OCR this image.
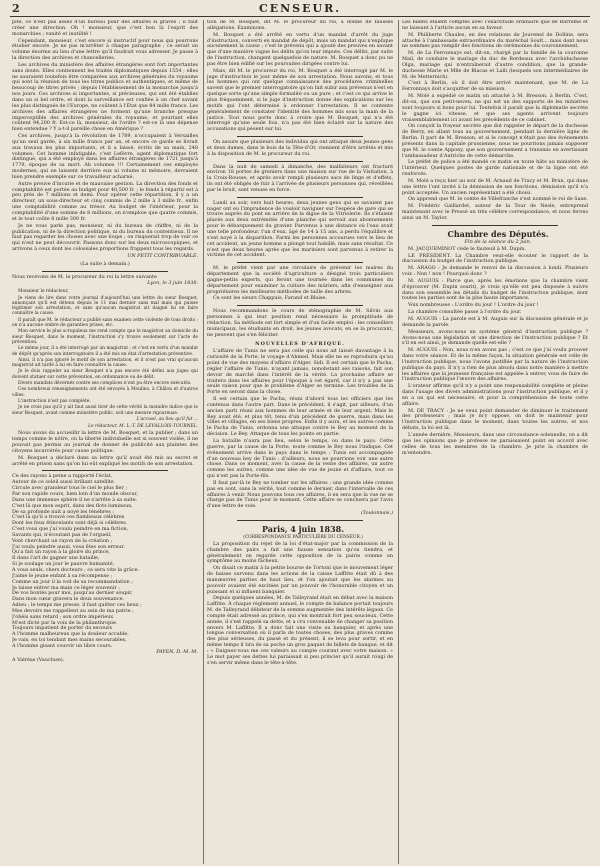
2	CENSEUR.

pité, ce n'est pas assez d'un bureau pour des affaires si graves ; il faut créer une direction. Oh ! monsieur, que c'est bon là l'esprit des monarchies ; vanité et inutilité !

Cependant, monsieur, c'est encore si instructif pour nous qui pourrons étudier encore. Je ne pas m'arrêter à chaque paragraphe ; ce serait un volume énorme au lieu d'une lettre qu'il faudrait vous adresser. Je passe à la direction des archives et chancelleries.

Les archives du ministère des affaires étrangères sont fort importantes sans doute. Elles contiennent les traités diplomatiques depuis 1554 ; elles ne sauraient toutefois être comparées aux archives générales du royaume qui sont la réunion de tous les titres publics et authentiques, et même de beaucoup de titres privés ; depuis l'établissement de la monarchie jusqu'à nos jours. Ces archives si importantes, si précieuses, qui ont été établies dans un si bel ordre, et dont la surveillance est confiée à un chef savant les plus distingués de l'Europe, ne coûtent à l'État que 84 mille francs. Les archives des affaires étrangères ne forment qu'une branche presque imperceptible des archives générales du royaume, et pourtant elles coûtent 94,200 fr. Est-ce là, monsieur, de l'ordre ? est-ce là une dépense bien entendue ? Y a-t-il pareille chose en Amérique ?

Ces archives, jusqu'à la révolution de 1789, n'occupaient à Versailles qu'un seul garde, à six mille francs par an, et encore ce garde se livrait aux travaux les plus importants, et il a laissé, écrits de sa main, 248 volumes. Cet homme infatigable, c'est Lefèvre, agent diplomatique fort distingué, qui a été employé dans les affaires étrangères de 1721 jusqu'à 1779, époque de sa mort. Ah volumes !!! Certainement ces employés modernes, qui ne laissent derrière eux ni volume ni mémoire, devraient bien prendre exemple sur ce travailleur acharné.

Autre preuve d'incurie et de mauvaise gestion. La direction des fonds et comptabilité est portée au budget pour 40,500 fr. ; le fonds à répartir est à peu près de 7 millions et demi. Pour opérer cette répartition, il y a un directeur, un sous-directeur et cinq commis de 2 mille à 3 mille fr., enfin une comptabilité comme au trésor. Au budget de l'intérieur, pour la comptabilité d'une somme de 8 millions, on n'emploie que quatre commis, et le tout coûte 8 mille 300 fr.

Je ne vous parle pas, monsieur, ni du bureau de chiffre, ni de la publication, ni de la direction politique, ni du bureau du contentieux. Il ne faut pas regarder les choses avec une loupe ; on risquerait trop de voir ce qui n'est ne peut découvrir. Passons donc sur les deux microscopiques, et arrivons à ceux dont les colossales proportions frappent tous les regards.

UN PETIT CONTRIBUABLE.

(La suite à demain.)

Nous recevons de M. le procureur du roi la lettre suivante

Lyon, le 3 juin 1838.

Monsieur le rédacteur,

Je viens de lire dans votre journal d'aujourd'hui une lettre du sieur Bosquet, annonçant qu'il est détenu depuis le 11 mai dernier sans mal mais qui puisse légitimer son arrestation, et sans qu'aucun magistrat ait daigné lui en faire connaître la cause.

Il paraît que M. le rédacteur a publié sans examen cette violente de tous droits ; on n'a aucune ombre de garanties prises, etc.

Mon service le plus scrupuleux me rend compte que le magistrat au domicile du sieur Bosquet, dans le moment, l'instruction s'y trouve seulement sur l'acte de prévention.

Le même jour, il a été interrogé par un magistrat ; et c'est en vertu d'un mandat de dépôt qu'après son interrogatoire il a été mis en état d'arrestation préventive.

Ainsi, il n'a pas ignoré le motif de son arrestation, et il n'est pas vrai qu'aucun magistrat ait tardé à lui en faire connaître la cause.

Je le dois rappeler au sieur Bosquet n'a pas encore été défini aux juges qui doivent statuer sur cette prévention, en ordonnance ou de délit.

Divers mandats décernés contre ses complices n'ont pu être encore exécutés.

Ces nombreux renseignements ont été envoyés à Moulins, à Châlon et d'autres villes.

L'instruction n'est pas complète.

Je ne crois pas qu'il y ait faut aussi tirer de cette vérité la moindre indice que le sieur Bosquet, avant comme ministère public, soit une mesure rigoureuse.

L'accusé, au lieu qu'il fut ...

Le rédacteur, M. L.-T. DE LEVALLOIS-TOURNEL.

Nous avons du accueillir la lettre de M. Bosquet, et la publier ; dans un temps comme le nôtre, où la liberté individuelle est si souvent violée, il ne pouvait pas permis au journal de donner de publicité aux plaintes des citoyens incarcérés pour cause politique.

M. Bosquet a déclaré dans sa lettre qu'il avait été mis au secret et arrêté en prison sans qu'on lui eût expliqué les motifs de son arrestation.

Ce des rayons à peine a rapporté l'éclat,

Autour de ce soleil aussi brillant satellite

Circule avec grandeur tous le ciel le plus fier ;

Par son rapide cours, bien loin d'un monde obscur,

Dans une immense sphère il ne s'arrête à sa suite.

C'est là que mon esprit, dans des flots lumineux,

De sa profonde nuit a noyé les ténèbres :

C'est là qu'il a trouvé ces flambeaux célèbres

Dont les feux étincelants sont déjà si célèbres.

C'est vous que j'ai voulu peindre en ma fiction,

Savants qui, n'écoutant pas de l'orgueil,

Vont cherchant un rayon de la création ;

J'ai voulu peindre aussi, vous êtes son erreur.

Qu'a fait un rayon à la gloire du prince,

Il dans l'art de gagner une bataille,

Si je soulage un jour le pauvre humanité,

A vous seuls, chers docteurs ; ce sera vite la grâce.

J'aime le jeune enfant à sa récompense ;

Comme un jour il la voit de sa recommandation ;

Je laisse entrer ma main ce léger souvenir ;

De vos bontés pour moi, jusqu'au dernier soupir,

Dans mon cœur gravera le doux souvenance.

Adieu ; le temps me presse, il faut quitter ces lieux ;

Mes devoirs me rappellent au sein de ma patrie ;

J'obéis sans retard ; son ordre impérieux

M'est dicté par la voix de la philanthropie.

Toujours impatient de porter du secours

A l'homme malheureux que la douleur accable,

Je vais, en toi tendant mes mains secourables,

A l'homme gisant couvrir un libre cours.

PAYEN, D.-M.-M.

A Valréas (Vaucluse).

tion de M. Bosquet, dit M. le procureur du roi, à donné de fausses allégations. Examinons.

M. Bosquet a été arrêté en vertu d'un mandat d'arrêt du juge d'instruction, converti en mandat de dépôt, mais un mandat qui n'explique aucunement la cause ; c'est le prévenu qui a ajouté des preuves en savant que d'une manière vague les délits qu'on leur impute. Ces délits, par suite de l'instruction, changent quelquefois de nature. M. Bosquet a donc pu ne pas être bien édifié sur les poursuites dirigées contre lui.

Mais, dit M. le procureur du roi, M. Bosquet a été interrogé par M. le juge d'instruction le jour même de son arrestation. Nous savons, et tous les hommes qui ont quelque connaissance des procédures criminelles savent que le premier interrogatoire qu'on fait subir aux prévenus n'est en quelque sorte qu'une simple formalité ou un pure ; et c'est ce qui arrive le plus fréquemment, si le juge d'instruction donne des explications sur les motifs qui l'ont déterminé à ordonner l'arrestation. Il se contente généralement de constater l'identité des hommes mis sous la main de la justice. Tout nous porte donc à croire que M. Bosquet, qui n'a été interrogé qu'une seule fois, n'a pas été bien éclairé sur la nature des accusations qui pèsent sur lui.

On assure que plusieurs des individus qui ont attaqué deux jeunes gens et deux dames, dans le bois de la Tête-d'Or, viennent d'être arrêtés et mis à la disposition de M. le procureur du roi.

Dans la nuit de samedi à dimanche, des malfaiteurs ont fracturé environ 18 portes de greniers dans une maison sur rue de la Visitation, à la Croix-Rousse, et après avoir rempli plusieurs sacs de linge et d'effets, ils ont été obligés de fuir à l'arrivée de plusieurs personnes qui, réveillées par le bruit, sont venues en force.

Lundi au soir, vers huit heures, deux jeunes gens qui se savaient pas nager ont eu l'imprudence de vouloir naviguer sur l'espèce de gare qui se trouve auprès du pont en arrière de la digue de la Vitriolerie. Ils s'étaient placés aux deux extrémités d'une planche qui servait aux abonnements pour le débarquement du gravier. Parvenus à une distance où l'eau avait une telle profondeur, l'un d'eux, âgé de 14 à 15 ans, a perdu l'équilibre et s'est noyé à la disparition. Parmi les personnes accourues vers le lieu de cet accident, un jeune homme a plongé tout habillé, mais sans résultat. Ce n'est que deux heures après que les mariniers sont parvenus à retirer la victime de cet accident.

M. le préfet vient par une circulaire de prévenir les maires du département que la société d'agriculture a désigné trois particuliers gagne-petits experts, qui feront une tournée dans les communes du département pour examiner la culture des mûriers, afin d'enseigner aux propriétaires les meilleures méthodes de taille des arbres.

Ce sont les sieurs Chappuis, Farand et Blaise.

Nous recommandons le cours de sténographie de M. Silvin aux personnes à qui leur position rend nécessaire la promptitude de rédaction. Sa méthode est fort simple et d'un facile emploi : les conseillers municipaux, les étudiants en droit, les jeunes avocats, en se la procurant, ne peuvent que s'en féliciter.

NOUVELLES D'AFRIQUE.

L'affaire de Tunis ne sera pas celle qui nous ait laissé davantage à la curiosité de la Porte, le voyage d'Ahmed. Mais elle ne se reproduira qu'au point de vue des moyens d'affaire d'Alger. Sidi. Il est certain que le Pacha, régler l'affaire de Tunis, n'ayant jamais, nonobstant ses raisons, fait son devoir de marché dans l'intérêt de la vérité. La prochaine affaire se traitera dans les affaires pour l'époque à cet égard, car il n'y a pas une seule raison pour que le problème d'Alger se termine. Les troubles de la Porte en seront dans la chose.

Il est certain que le Pacha, réuni d'abord tous les officiers que les contenus dans l'autre part. Dans le précédent, il s'agit, par ailleurs, d'un ancien parti réuni aux hommes de leur armée et de leur argent. Mais le Bey avait été, et plus tôt, tenu d'un précédent de guerre, mais dans les villes et villages, en ses biens propres. Enfin il y aura, et les autres comme le Pacha de Tunis, ordonna une attaque contre le Bey au moment de la décision. Le Bey. Attaque de tous les points en partie.

La bataille n'aura pas lieu, selon le temps, ou dans le pays. Cette guerre, par la cause de la Porte, toute comme le Bey nous l'indique. Cet événement arrive dans le pays dans le temps ; Tunis est accompagnée d'un nouveau bey de Tunis ; d'ailleurs, nous ne pourrions voir une autre chose. Dans ce moment, avec la cause de la vente des affaires, un autre comme les autres, comme une idée de vue de jeune et d'affaire, tout ce qui n'est pas la Porte-fils.

Il faut par-là le Bey ne tomber sur les affaires ; une grande idée comme pas en sont, sans la vérité, tout comme le dernier, dans l'intervalle de ces affaires à venir. Nous pouvons tous ces affaires, il en sera que la vue ne se charge pas de Tunis pour le moment. Cette affaire se concluera par l'avis d'une lettre de voie.

(Toulonnais.)

Paris, 4 juin 1838.

(CORRESPONDANCE PARTICULIÈRE DU CENSEUR.)

La proposition du rejet de la loi d'état-major par la commission de la chambre des pairs a fait une fausse sensation qu'on tiendra, et généralement on regarde cette opposition de la pairie comme un symptôme au moins fâcheux.

On disait ce matin à la petite bourse de Tortoni que le mouvement léger de baisse survenu dans les actions de la caisse Laffitte était dû à des manœuvres parties de haut lieu, et l'on ajoutait que les alarmes au pouvoir avaient été excitées par un pouvoir de l'honorable citoyen et un puissant et si influent banquier.

Depuis quelques années, M. de Talleyrand était en débat avec la maison Laffitte. À chaque règlement annuel, le compte de balance portait toujours M. de Talleyrand débiteur de la somme augmentée des intérêts légaux. Ce compte était adressé au prince, qui s'en montrait fort peu soucieux. Cette année, il s'est rappelé sa dette, et a cru convenable de changer sa position envers M. Laffitte. Il a donc fait une visite au banquier, et après une longue conversation où il parla de toutes choses, des plus graves comme des plus sérieuses, du passé et du présent, il se leva pour sortir, et en même temps il tira de sa poche un gros paquet de billets de banque, et dit : « Daignez-vous me ces valeurs au compte courant avec votre maison. » Le mot payer ses dettes lui paraissait si peu princier qu'il aurait rougi de s'en servir même dans le tête-à-tête.

Les billets étaient comptés avec l'exactitude ordinaire que de Barrème et ne laissant à l'article aucun en sa faveur.

M. Philiberte Chaules, en des relations de Jouvenel de Dolline, sera attaché à l'ambassade extraordinaire du maréchal Soult... mais dont nous ne sommes pas remplir des fonctions de cérémonies du couronnement.

M. de La Ferronnays est, dit-on, chargé par la famille de la couronne Mail, de conduire le mariage du duc de Bordeaux avec l'archiduchesse Olga, mariage qui n'entraînerait d'autre condition, que la grande-duchesse Marie et Mlle de Blacas et Lalli (lesquels son intermédiaires de M. de Metternich).

C'est à Berlin, où il doit être arrivé maintenant, que M. de La Ferronnays doit s'acquitter de sa mission.

M. Molé a expédié ce matin un attaché à M. Bresson, à Berlin. C'est, dit-on, que son petit-neveu, ne qui est un des supports de les ministres sont toujours si bons pour lui. Toutefois il paraît que la diplomatie secrète le gagne ici vitesse, et que ses agents arrivent toujours vraisemblablement ici avant les précédents de ce cabinet.

On conçoit la frayeur secrète que dut rappeler le départ de la duchesse de Berry, en allant tous au gouvernement, pendant la dernière ligne de Berlin. Il part de M. Bresson, et si le concept n'était pas des événements présents dans la capitale prussienne, nous ne pourrions jamais supposer que M. le comte Appony, que son gouvernement a transmis en avertissant l'ambassadeur d'Autriche de cette démarche.

Le préfet de police a été mandé ce matin en toute hâte au ministère de l'intérieur. Quelques postes de garde nationale et de la ligne ont été renforcés.

M. Molé a reçu hier au soir de M. Arnaud de Tracy et M. Brun, qui dans une lettre l'ont invité à la démission de ses fonctions, démission qu'il n'a point acceptée. Un ancien représentant a été choisi.

On apprend que M. le comte de Villefranche s'est nommé le roi de Saxe.

M. Frédéric Gaillardet, auteur de la Tour de Nesle, entreprend maintenant avec le Pressé un très célèbre correspondance, et nous ferons ainsi un M. Taylor.

Chambre des Députés.

Fin de la séance du 2 juin.

M. JACQUEMINOT cède le fauteuil à M. Dupin.

LE PRÉSIDENT. La Chambre veut-elle écouter le rapport de la discussion du budget de l'instruction publique.

M. ARAGO : Je demande le renvoi de la discussion à lundi. Plusieurs voix : Non ! non ! Pourquoi donc ?

M. AUGUIS : Parce que, après les émotions que la chambre vient d'éprouver (M. Dupin sourit), je crois qu'elle est peu disposée à suivre dans son ensemble les détails du budget de l'instruction publique, dont toutes les parties sont de la plus haute importance.

Voix nombreuses : L'ordre du jour ! L'ordre du jour !

La chambre consultée passe à l'ordre du jour.

M. AUGUIS : La parole est à M. Auguis sur la discussion générale et je demande la parole.

Messieurs, avons-nous un système général d'instruction publique ? Avons-nous une législation et une direction de l'instruction publique ? Et s'il en est ainsi, je demande quelle est-elle ?

M. AUGUIS : Non, nous n'en avons pas ; c'est ce que j'ai voulu prouver dans votre séance. Et de la même façon, la situation générale est celle de l'instruction publique, nous l'avons justifiée par la nature de l'instruction publique du pays. Il n'y a rien de plus absolu dans notre manière à mettre les affaires que la jeunesse française est appelée à entrer, vous de faire de l'instruction publique l'œuvre des affaires.

L'orateur affirme qu'il n'y a point une responsabilité complète et pleine dans l'usage des divers administrations pour l'instruction publique, et il y en a un qui est nécessaire, et pour la compréhension de toute cette affaire.

M. DE TRACY : Je ne veux point demander de diminuer le traitement des professeurs ; mais je m'y oppose, on doit le maintenir pour l'instruction publique dans le moment, dans toutes les autres, et nos débats, la loi est là.

L'année dernière, Messieurs, dans une circonstance solennelle, on a dit que les opinions que je professe ne paraissaient point en accord avec celles de tous les membres de la chambre. Je prie la chambre de m'entendre.
